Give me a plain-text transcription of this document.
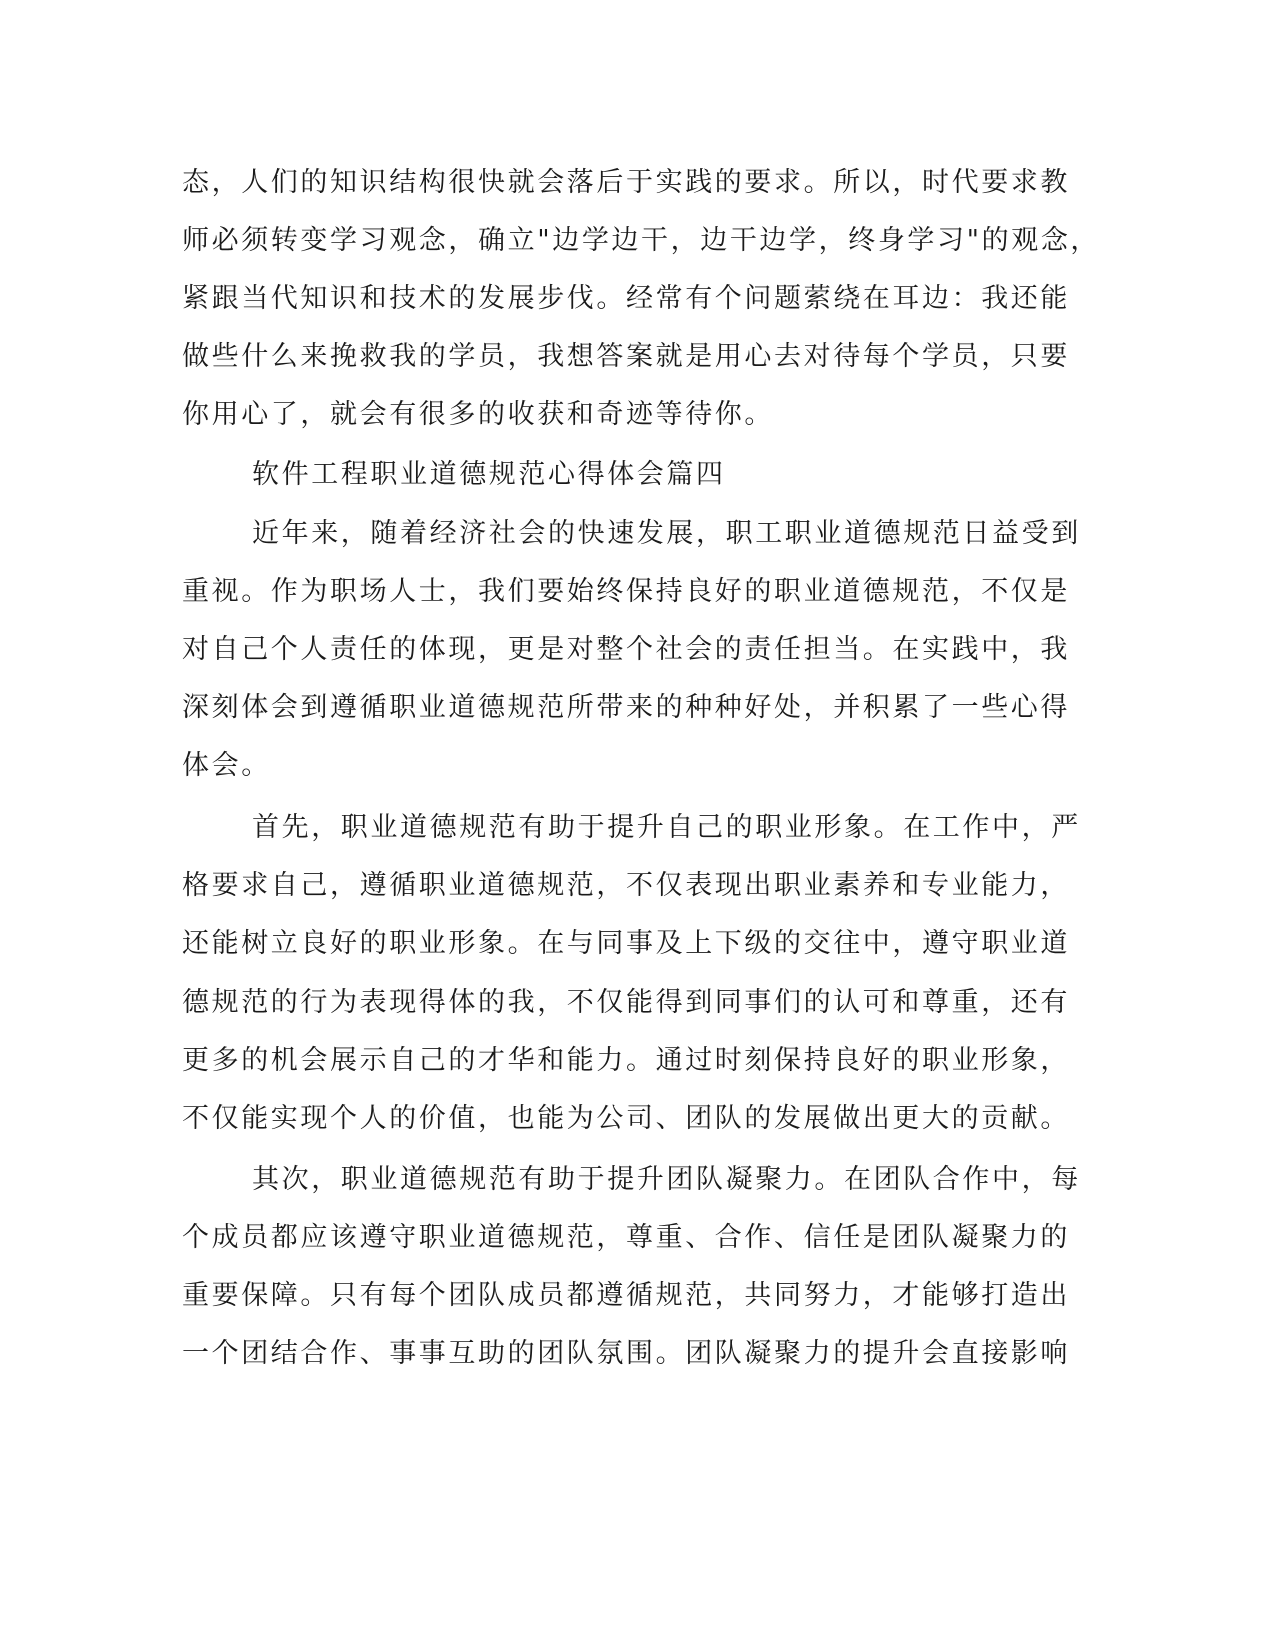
态，人们的知识结构很快就会落后于实践的要求。所以，时代要求教
师必须转变学习观念，确立"边学边干，边干边学，终身学习"的观念，
紧跟当代知识和技术的发展步伐。经常有个问题萦绕在耳边：我还能
做些什么来挽救我的学员，我想答案就是用心去对待每个学员，只要
你用心了，就会有很多的收获和奇迹等待你。
软件工程职业道德规范心得体会篇四
近年来，随着经济社会的快速发展，职工职业道德规范日益受到
重视。作为职场人士，我们要始终保持良好的职业道德规范，不仅是
对自己个人责任的体现，更是对整个社会的责任担当。在实践中，我
深刻体会到遵循职业道德规范所带来的种种好处，并积累了一些心得
体会。
首先，职业道德规范有助于提升自己的职业形象。在工作中，严
格要求自己，遵循职业道德规范，不仅表现出职业素养和专业能力，
还能树立良好的职业形象。在与同事及上下级的交往中，遵守职业道
德规范的行为表现得体的我，不仅能得到同事们的认可和尊重，还有
更多的机会展示自己的才华和能力。通过时刻保持良好的职业形象，
不仅能实现个人的价值，也能为公司、团队的发展做出更大的贡献。
其次，职业道德规范有助于提升团队凝聚力。在团队合作中，每
个成员都应该遵守职业道德规范，尊重、合作、信任是团队凝聚力的
重要保障。只有每个团队成员都遵循规范，共同努力，才能够打造出
一个团结合作、事事互助的团队氛围。团队凝聚力的提升会直接影响
